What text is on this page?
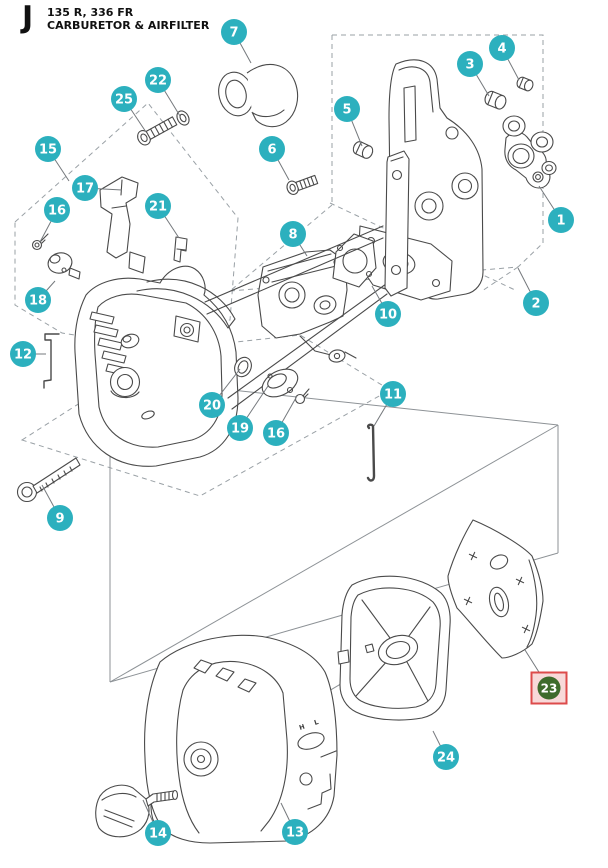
J 135 R, 336 FR
CARBURETOR & AIRFILTER
H
L
1
2
3
4
5
6
7
8
9
10
11
12
13
14
15
16
16
17
18
19
20
21
22
23
24
25
